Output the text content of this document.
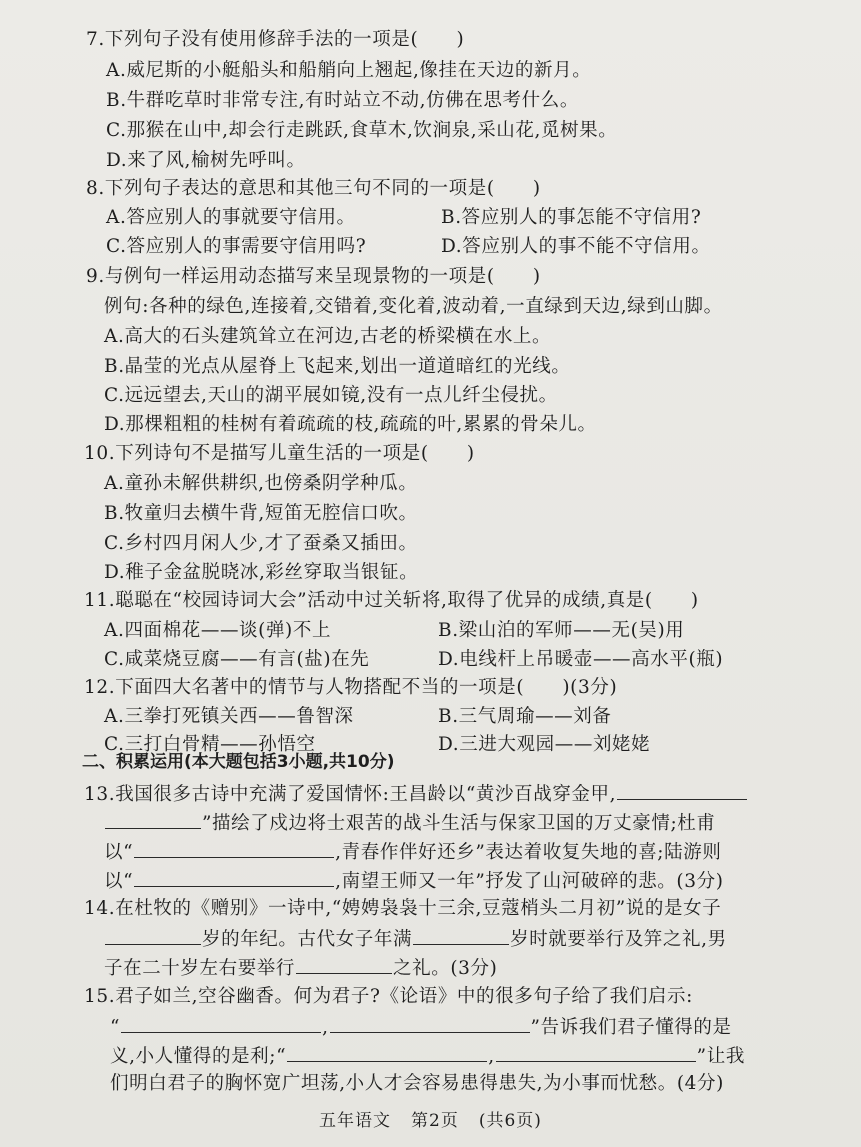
7.下列句子没有使用修辞手法的一项是(　　)
A.威尼斯的小艇船头和船艄向上翘起,像挂在天边的新月。
B.牛群吃草时非常专注,有时站立不动,仿佛在思考什么。
C.那猴在山中,却会行走跳跃,食草木,饮涧泉,采山花,觅树果。
D.来了风,榆树先呼叫。
8.下列句子表达的意思和其他三句不同的一项是(　　)
A.答应别人的事就要守信用。	B.答应别人的事怎能不守信用?
C.答应别人的事需要守信用吗?	D.答应别人的事不能不守信用。
9.与例句一样运用动态描写来呈现景物的一项是(　　)
例句:各种的绿色,连接着,交错着,变化着,波动着,一直绿到天边,绿到山脚。
A.高大的石头建筑耸立在河边,古老的桥梁横在水上。
B.晶莹的光点从屋脊上飞起来,划出一道道暗红的光线。
C.远远望去,天山的湖平展如镜,没有一点儿纤尘侵扰。
D.那棵粗粗的桂树有着疏疏的枝,疏疏的叶,累累的骨朵儿。
10.下列诗句不是描写儿童生活的一项是(　　)
A.童孙未解供耕织,也傍桑阴学种瓜。
B.牧童归去横牛背,短笛无腔信口吹。
C.乡村四月闲人少,才了蚕桑又插田。
D.稚子金盆脱晓冰,彩丝穿取当银钲。
11.聪聪在“校园诗词大会”活动中过关斩将,取得了优异的成绩,真是(　　)
A.四面棉花——谈(弹)不上	B.梁山泊的军师——无(吴)用
C.咸菜烧豆腐——有言(盐)在先	D.电线杆上吊暖壶——高水平(瓶)
12.下面四大名著中的情节与人物搭配不当的一项是(　　)(3分)
A.三拳打死镇关西——鲁智深	B.三气周瑜——刘备
C.三打白骨精——孙悟空	D.三进大观园——刘姥姥
二、积累运用(本大题包括3小题,共10分)
13.我国很多古诗中充满了爱国情怀:王昌龄以“黄沙百战穿金甲,
”描绘了戍边将士艰苦的战斗生活与保家卫国的万丈豪情;杜甫
以“	,青春作伴好还乡”表达着收复失地的喜;陆游则
以“	,南望王师又一年”抒发了山河破碎的悲。(3分)
14.在杜牧的《赠别》一诗中,“娉娉袅袅十三余,豆蔻梢头二月初”说的是女子
岁的年纪。古代女子年满	岁时就要举行及笄之礼,男
子在二十岁左右要举行	之礼。(3分)
15.君子如兰,空谷幽香。何为君子?《论语》中的很多句子给了我们启示:
“	,	”告诉我们君子懂得的是
义,小人懂得的是利;“	,	”让我
们明白君子的胸怀宽广坦荡,小人才会容易患得患失,为小事而忧愁。(4分)
五年语文 第2页 (共6页)
